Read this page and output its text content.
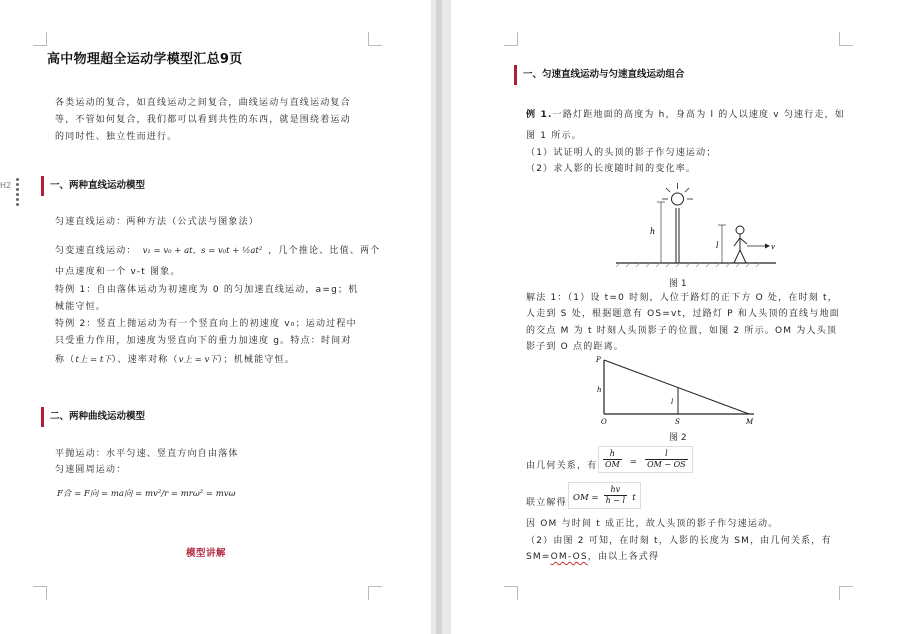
高中物理超全运动学模型汇总9页
各类运动的复合，如直线运动之间复合，曲线运动与直线运动复合
等，不管如何复合，我们都可以看到共性的东西，就是围绕着运动
的同时性、独立性而进行。
H2	一、两种直线运动模型
匀速直线运动：两种方法（公式法与图象法）
匀变速直线运动： v₁ = v₀ + at，s = v₀t + ½at² ，几个推论、比值、两个
中点速度和一个 v-t 图象。
特例 1：自由落体运动为初速度为 0 的匀加速直线运动，a=g；机
械能守恒。
特例 2：竖直上抛运动为有一个竖直向上的初速度 v₀；运动过程中
只受重力作用，加速度为竖直向下的重力加速度 g。特点：时间对
称（t上 = t下）、速率对称（v上 = v下）；机械能守恒。
二、两种曲线运动模型
平抛运动：水平匀速、竖直方向自由落体
匀速圆周运动：
F合 = F向 = ma向 = mv²/r = mrω² = mvω
模型讲解
一、匀速直线运动与匀速直线运动组合
例 1.一路灯距地面的高度为 h，身高为 l 的人以速度 v 匀速行走，如
图 1 所示。
（1）试证明人的头顶的影子作匀速运动；
（2）求人影的长度随时间的变化率。
h
l	v
图 1
解法 1：（1）设 t=0 时刻，人位于路灯的正下方 O 处，在时刻 t，
人走到 S 处，根据题意有 OS=vt，过路灯 P 和人头顶的直线与地面
的交点 M 为 t 时刻人头顶影子的位置，如图 2 所示。OM 为人头顶
影子到 O 点的距离。
P
h
l
O	S	M
图 2
由几何关系，有 $\frac{h}{OM} = \frac{l}{OM - OS}$
联立解得 OM = $\frac{hv}{h - l}$ t
因 OM 与时间 t 成正比，故人头顶的影子作匀速运动。
（2）由图 2 可知，在时刻 t，人影的长度为 SM，由几何关系，有
SM=OM-OS，由以上各式得
